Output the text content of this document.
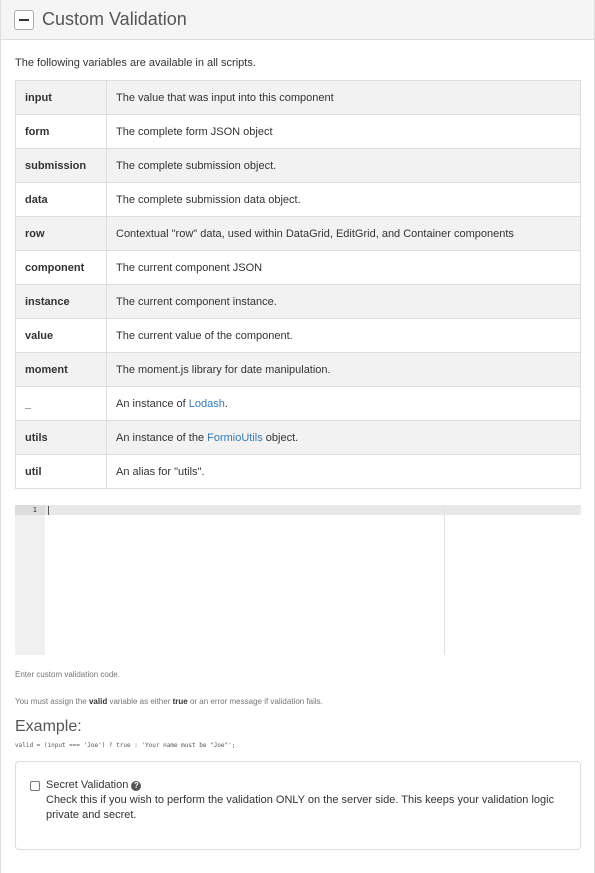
Custom Validation
The following variables are available in all scripts.
input	The value that was input into this component
form	The complete form JSON object
submission	The complete submission object.
data	The complete submission data object.
row	Contextual "row" data, used within DataGrid, EditGrid, and Container components
component	The current component JSON
instance	The current component instance.
value	The current value of the component.
moment	The moment.js library for date manipulation.
_	An instance of Lodash.
utils	An instance of the FormioUtils object.
util	An alias for "utils".
1
Enter custom validation code.
You must assign the valid variable as either true or an error message if validation fails.
Example:
valid = (input === 'Joe') ? true : 'Your name must be "Joe"';
Secret Validation ?
Check this if you wish to perform the validation ONLY on the server side. This keeps your validation logic private and secret.
